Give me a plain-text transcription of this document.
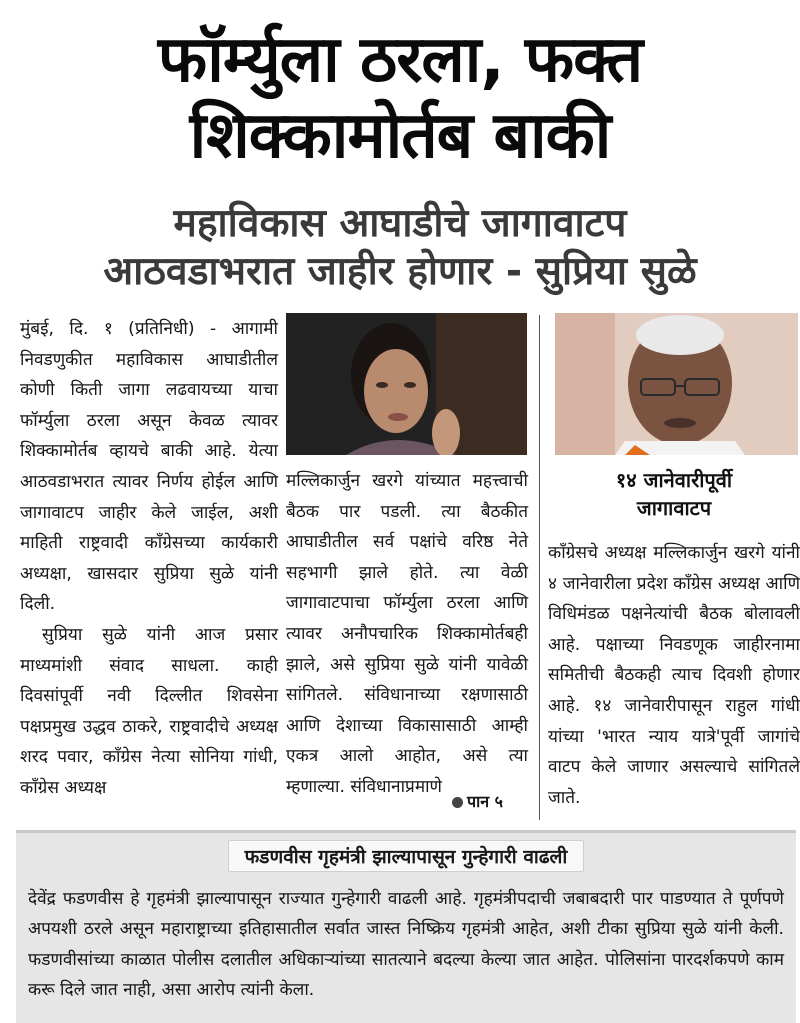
फॉर्म्युला ठरला, फक्त
शिक्कामोर्तब बाकी
महाविकास आघाडीचे जागावाटप
आठवडाभरात जाहीर होणार - सुप्रिया सुळे

मुंबई, दि. १ (प्रतिनिधी) - आगामी निवडणुकीत महाविकास आघाडीतील कोणी किती जागा लढवायच्या याचा फॉर्म्युला ठरला असून केवळ त्यावर शिक्कामोर्तब व्हायचे बाकी आहे. येत्या आठवडाभरात त्यावर निर्णय होईल आणि जागावाटप जाहीर केले जाईल, अशी माहिती राष्ट्रवादी काँग्रेसच्या कार्यकारी अध्यक्षा, खासदार सुप्रिया सुळे यांनी दिली.

सुप्रिया सुळे यांनी आज प्रसार माध्यमांशी संवाद साधला. काही दिवसांपूर्वी नवी दिल्लीत शिवसेना पक्षप्रमुख उद्धव ठाकरे, राष्ट्रवादीचे अध्यक्ष शरद पवार, काँग्रेस नेत्या सोनिया गांधी, काँग्रेस अध्यक्ष

मल्लिकार्जुन खरगे यांच्यात महत्त्वाची बैठक पार पडली. त्या बैठकीत आघाडीतील सर्व पक्षांचे वरिष्ठ नेते सहभागी झाले होते. त्या वेळी जागावाटपाचा फॉर्म्युला ठरला आणि त्यावर अनौपचारिक शिक्कामोर्तबही झाले, असे सुप्रिया सुळे यांनी यावेळी सांगितले. संविधानाच्या रक्षणासाठी आणि देशाच्या विकासासाठी आम्ही एकत्र आलो आहोत, असे त्या म्हणाल्या. संविधानाप्रमाणे

पान ५
१४ जानेवारीपूर्वी
जागावाटप

काँग्रेसचे अध्यक्ष मल्लिकार्जुन खरगे यांनी ४ जानेवारीला प्रदेश काँग्रेस अध्यक्ष आणि विधिमंडळ पक्षनेत्यांची बैठक बोलावली आहे. पक्षाच्या निवडणूक जाहीरनामा समितीची बैठकही त्याच दिवशी होणार आहे. १४ जानेवारीपासून राहुल गांधी यांच्या 'भारत न्याय यात्रे'पूर्वी जागांचे वाटप केले जाणार असल्याचे सांगितले जाते.

फडणवीस गृहमंत्री झाल्यापासून गुन्हेगारी वाढली
देवेंद्र फडणवीस हे गृहमंत्री झाल्यापासून राज्यात गुन्हेगारी वाढली आहे. गृहमंत्रीपदाची जबाबदारी पार पाडण्यात ते पूर्णपणे अपयशी ठरले असून महाराष्ट्राच्या इतिहासातील सर्वात जास्त निष्क्रिय गृहमंत्री आहेत, अशी टीका सुप्रिया सुळे यांनी केली. फडणवीसांच्या काळात पोलीस दलातील अधिकाऱ्यांच्या सातत्याने बदल्या केल्या जात आहेत. पोलिसांना पारदर्शकपणे काम करू दिले जात नाही, असा आरोप त्यांनी केला.
